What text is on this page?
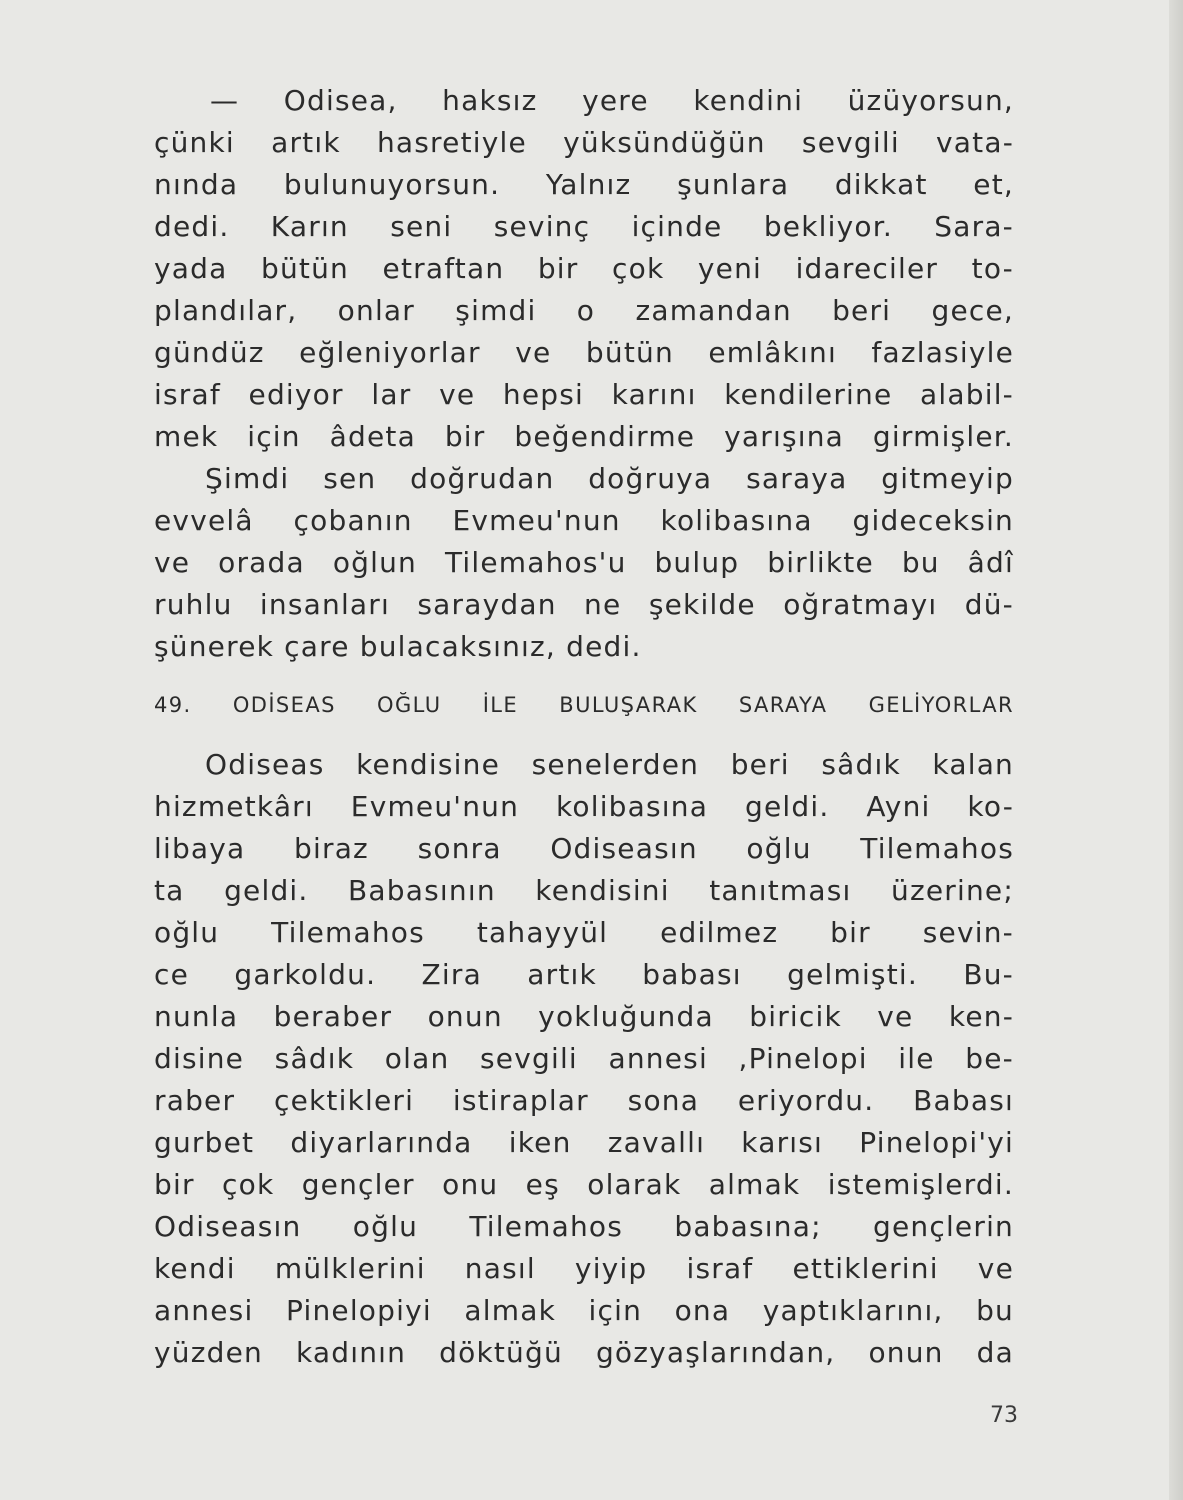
— Odisea, haksız yere kendini üzüyorsun,

çünki artık hasretiyle yüksündüğün sevgili vata-

nında bulunuyorsun. Yalnız şunlara dikkat et,

dedi. Karın seni sevinç içinde bekliyor. Sara-

yada bütün etraftan bir çok yeni idareciler to-

plandılar, onlar şimdi o zamandan beri gece,

gündüz eğleniyorlar ve bütün emlâkını fazlasiyle

israf ediyor lar ve hepsi karını kendilerine alabil-

mek için âdeta bir beğendirme yarışına girmişler.

Şimdi sen doğrudan doğruya saraya gitmeyip

evvelâ çobanın Evmeu'nun kolibasına gideceksin

ve orada oğlun Tilemahos'u bulup birlikte bu âdî

ruhlu insanları saraydan ne şekilde oğratmayı dü-

şünerek çare bulacaksınız, dedi.

49. ODİSEAS OĞLU İLE BULUŞARAK SARAYA GELİYORLAR

Odiseas kendisine senelerden beri sâdık kalan

hizmetkârı Evmeu'nun kolibasına geldi. Ayni ko-

libaya biraz sonra Odiseasın oğlu Tilemahos

ta geldi. Babasının kendisini tanıtması üzerine;

oğlu Tilemahos tahayyül edilmez bir sevin-

ce garkoldu. Zira artık babası gelmişti. Bu-

nunla beraber onun yokluğunda biricik ve ken-

disine sâdık olan sevgili annesi ,Pinelopi ile be-

raber çektikleri istiraplar sona eriyordu. Babası

gurbet diyarlarında iken zavallı karısı Pinelopi'yi

bir çok gençler onu eş olarak almak istemişlerdi.

Odiseasın oğlu Tilemahos babasına; gençlerin

kendi mülklerini nasıl yiyip israf ettiklerini ve

annesi Pinelopiyi almak için ona yaptıklarını, bu

yüzden kadının döktüğü gözyaşlarından, onun da

73
